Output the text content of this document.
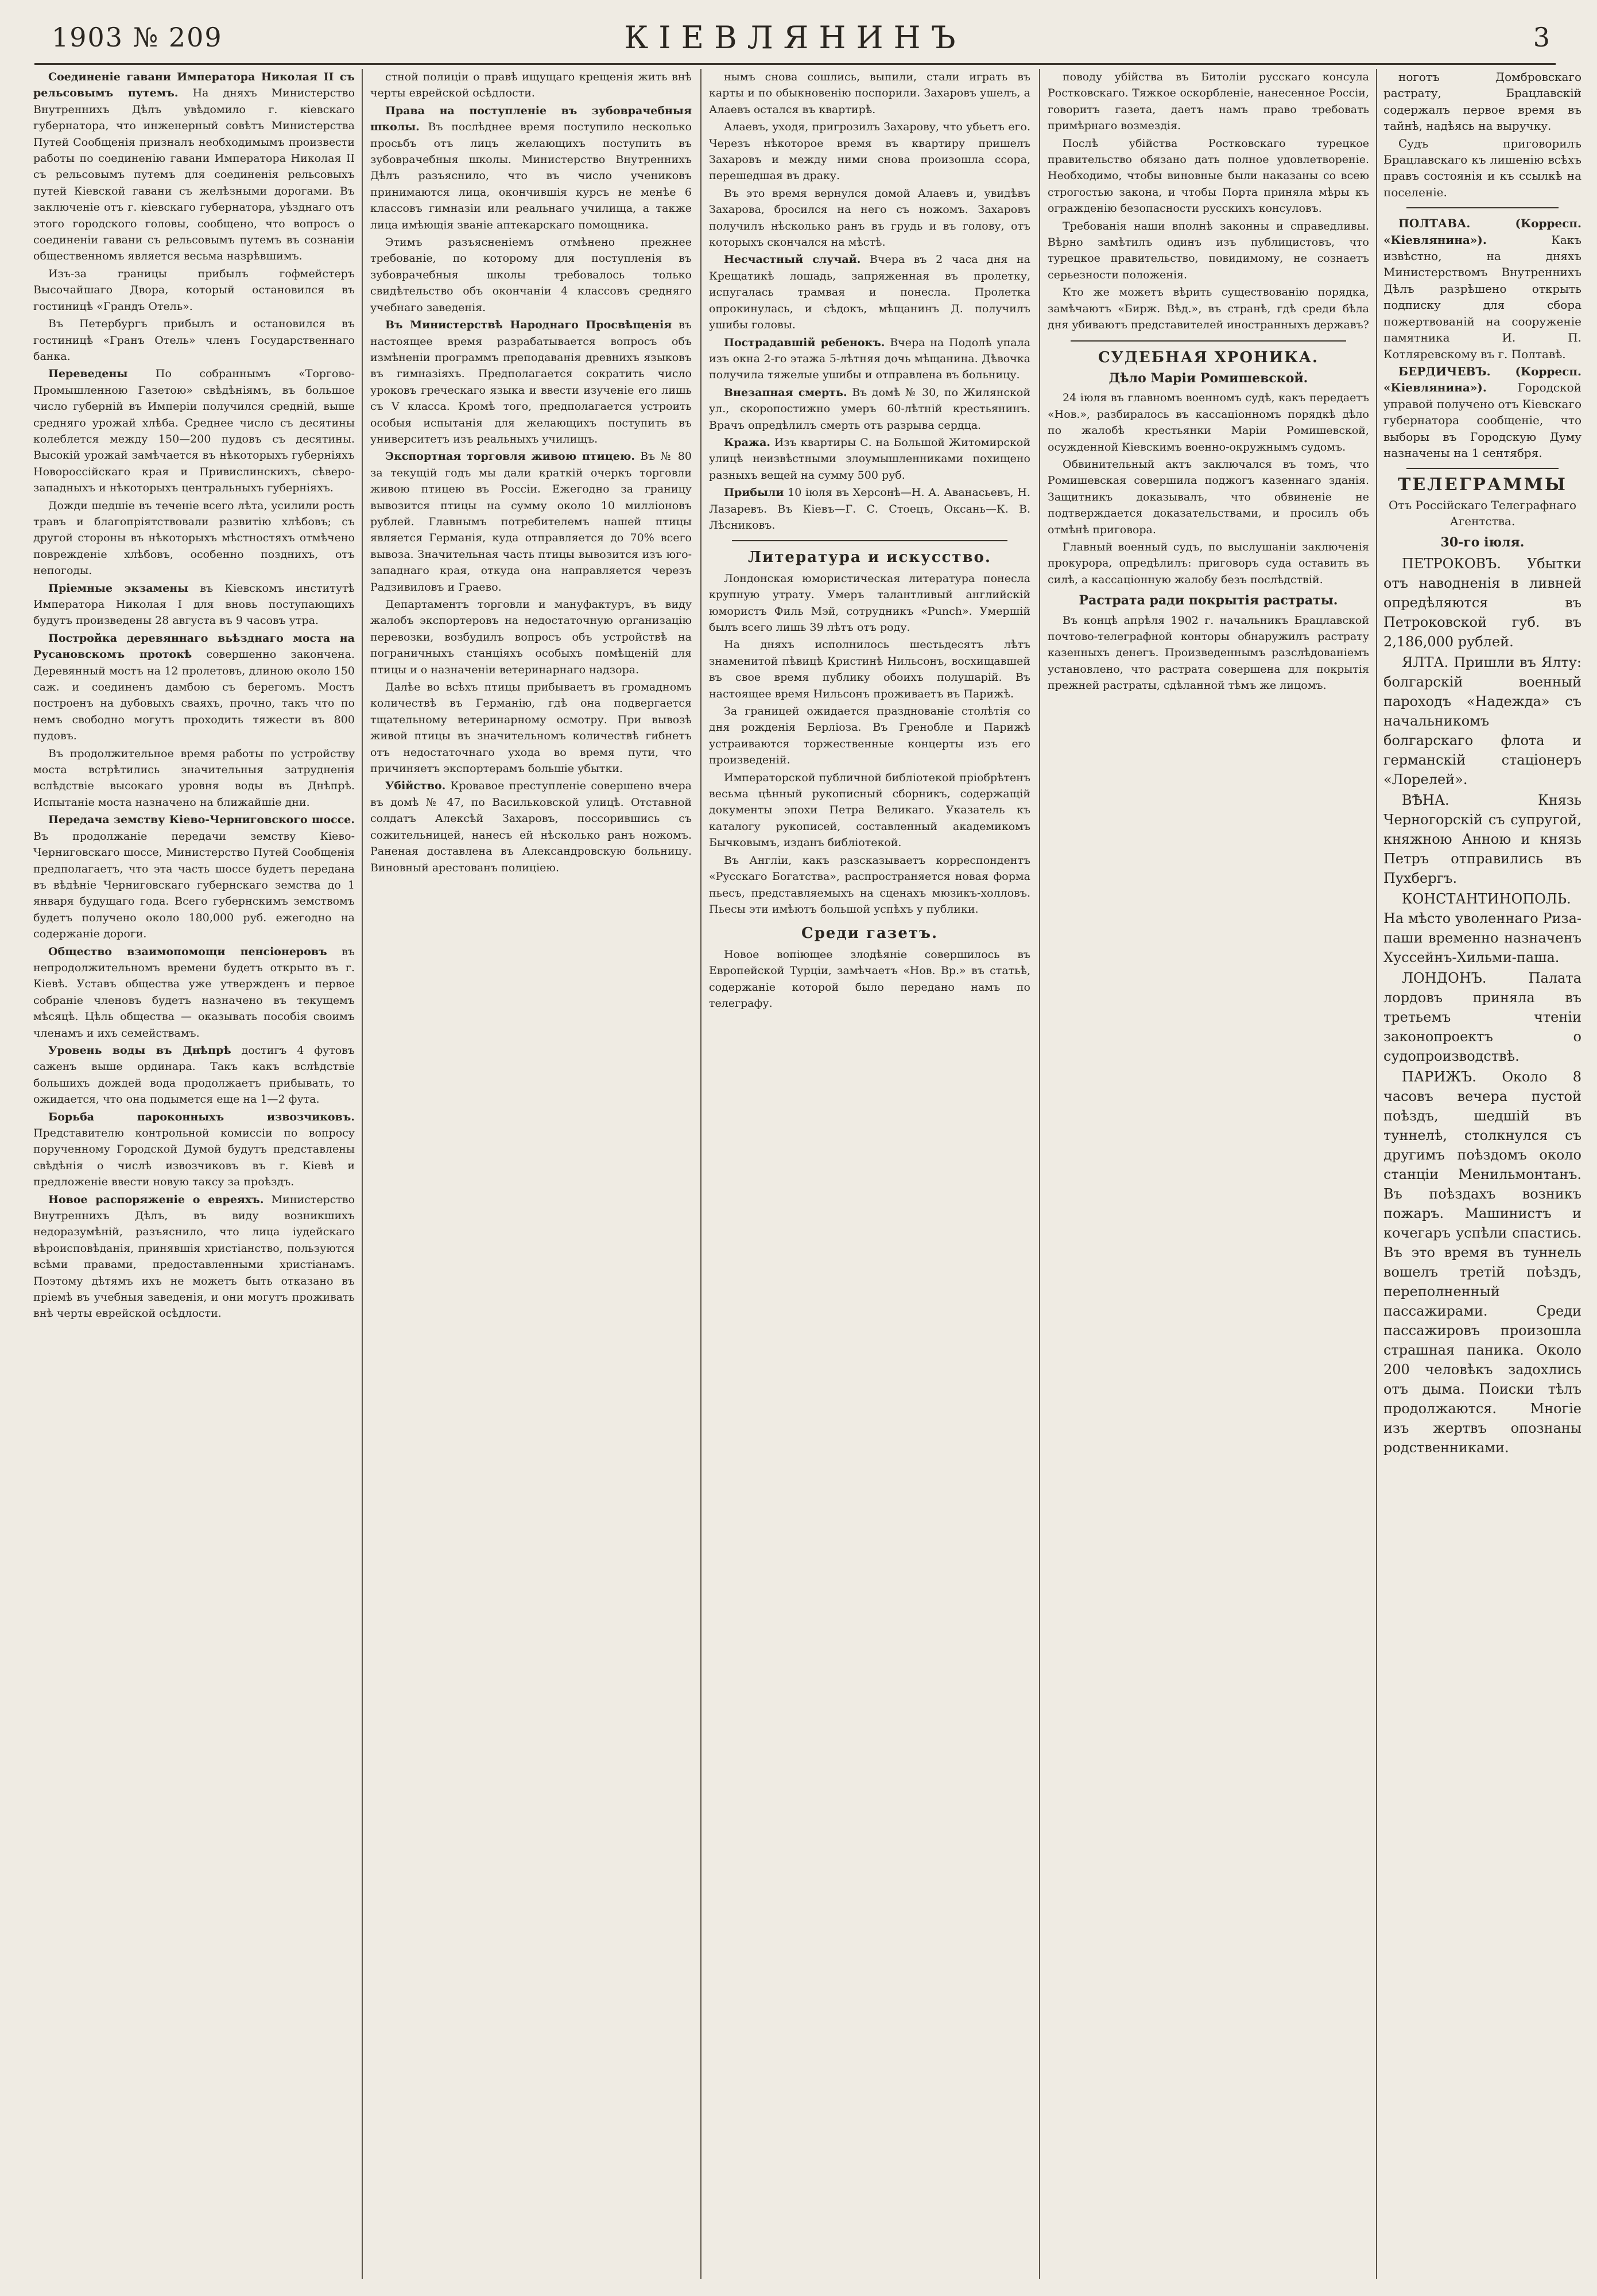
1903 № 209	КІЕВЛЯНИНЪ	3

Соединеніе гавани Императора Николая II съ рельсовымъ путемъ. На дняхъ Министерство Внутреннихъ Дѣлъ увѣдомило г. кіевскаго губернатора, что инженерный совѣтъ Министерства Путей Сообщенія призналъ необходимымъ произвести работы по соединенію гавани Императора Николая II съ рельсовымъ путемъ для соединенія рельсовыхъ путей Кіевской гавани съ желѣзными дорогами. Въ заключеніе отъ г. кіевскаго губернатора, уѣзднаго отъ этого городского головы, сообщено, что вопросъ о соединеніи гавани съ рельсовымъ путемъ въ сознаніи общественномъ является весьма назрѣвшимъ.

Изъ-за границы прибылъ гофмейстеръ Высочайшаго Двора, который остановился въ гостиницѣ «Грандъ Отель».

Въ Петербургъ прибылъ и остановился въ гостиницѣ «Гранъ Отель» членъ Государственнаго банка.

Переведены	По собраннымъ «Торгово-Промышленною Газетою» свѣдѣніямъ, въ большое число губерній въ Имперіи получился средній, выше средняго урожай хлѣба. Среднее число съ десятины колеблется между 150—200 пудовъ съ десятины. Высокій урожай замѣчается въ нѣкоторыхъ губерніяхъ Новороссійскаго края и Привислинскихъ, сѣверо-западныхъ и нѣкоторыхъ центральныхъ губерніяхъ.

Дожди шедшіе въ теченіе всего лѣта, усилили рость травъ и благопріятствовали развитію хлѣбовъ; съ другой стороны въ нѣкоторыхъ мѣстностяхъ отмѣчено поврежденіе хлѣбовъ, особенно позднихъ, отъ непогоды.

Пріемные экзамены въ Кіевскомъ институтѣ Императора Николая I для вновь поступающихъ будутъ произведены 28 августа въ 9 часовъ утра.

Постройка деревяннаго вьѣзднаго моста на Русановскомъ протокѣ совершенно закончена. Деревянный мостъ на 12 пролетовъ, длиною около 150 саж. и соединенъ дамбою съ берегомъ. Мостъ построенъ на дубовыхъ сваяхъ, прочно, такъ что по немъ свободно могутъ проходить тяжести въ 800 пудовъ.

Въ продолжительное время работы по устройству моста встрѣтились значительныя затрудненія вслѣдствіе высокаго уровня воды въ Днѣпрѣ. Испытаніе моста назначено на ближайшіе дни.

Передача земству Кіево-Черниговского шоссе. Въ продолжаніе передачи земству Кіево-Черниговскаго шоссе, Министерство Путей Сообщенія предполагаетъ, что эта часть шоссе будетъ передана въ вѣдѣніе Черниговскаго губернскаго земства до 1 января будущаго года. Всего губернскимъ земствомъ будетъ получено около 180,000 руб. ежегодно на содержаніе дороги.

Общество взаимопомощи пенсіонеровъ въ непродолжительномъ времени будетъ открыто въ г. Кіевѣ. Уставъ общества уже утвержденъ и первое собраніе членовъ будетъ назначено въ текущемъ мѣсяцѣ. Цѣль общества — оказывать пособія своимъ членамъ и ихъ семействамъ.

Уровень воды въ Днѣпрѣ достигъ 4 футовъ саженъ выше ординара. Такъ какъ вслѣдствіе большихъ дождей вода продолжаетъ прибывать, то ожидается, что она подымется еще на 1—2 фута.

Борьба пароконныхъ извозчиковъ. Представителю контрольной комиссіи по вопросу порученному Городской Думой будутъ представлены свѣдѣнія о числѣ извозчиковъ въ г. Кіевѣ и предложеніе ввести новую таксу за проѣздъ.

Новое распоряженіе о евреяхъ. Министерство Внутреннихъ Дѣлъ, въ виду возникшихъ недоразумѣній, разъяснило, что лица іудейскаго вѣроисповѣданія, принявшія христіанство, пользуются всѣми правами, предоставленными христіанамъ. Поэтому дѣтямъ ихъ не можетъ быть отказано въ пріемѣ въ учебныя заведенія, и они могутъ проживать внѣ черты еврейской осѣдлости.

стной полиціи о правѣ ищущаго крещенія жить внѣ черты еврейской осѣдлости.

Права на поступленіе въ зубоврачебныя школы. Въ послѣднее время поступило несколько просьбъ отъ лицъ желающихъ поступить въ зубоврачебныя школы. Министерство Внутреннихъ Дѣлъ разъяснило, что въ число учениковъ принимаются лица, окончившія курсъ не менѣе 6 классовъ гимназіи или реальнаго училища, а также лица имѣющія званіе аптекарскаго помощника.

Этимъ разъясненіемъ отмѣнено прежнее требованіе, по которому для поступленія въ зубоврачебныя школы требовалось только свидѣтельство объ окончаніи 4 классовъ средняго учебнаго заведенія.

Въ Министерствѣ Народнаго Просвѣщенія въ настоящее время разрабатывается вопросъ объ измѣненіи программъ преподаванія древнихъ языковъ въ гимназіяхъ. Предполагается сократить число уроковъ греческаго языка и ввести изученіе его лишь съ V класса. Кромѣ того, предполагается устроить особыя испытанія для желающихъ поступить въ университетъ изъ реальныхъ училищъ.

Экспортная торговля живою птицею. Въ № 80 за текущій годъ мы дали краткій очеркъ торговли живою птицею въ Россіи. Ежегодно за границу вывозится птицы на сумму около 10 милліоновъ рублей. Главнымъ потребителемъ нашей птицы является Германія, куда отправляется до 70% всего вывоза. Значительная часть птицы вывозится изъ юго-западнаго края, откуда она направляется черезъ Радзивиловъ и Граево.

Департаментъ торговли и мануфактуръ, въ виду жалобъ экспортеровъ на недостаточную организацію перевозки, возбудилъ вопросъ объ устройствѣ на пограничныхъ станціяхъ особыхъ помѣщеній для птицы и о назначеніи ветеринарнаго надзора.

Далѣе во всѣхъ птицы прибываетъ въ громадномъ количествѣ въ Германію, гдѣ она подвергается тщательному ветеринарному осмотру. При вывозѣ живой птицы въ значительномъ количествѣ гибнетъ отъ недостаточнаго ухода во время пути, что причиняетъ экспортерамъ большіе убытки.

Убійство. Кровавое преступленіе совершено вчера въ домѣ № 47, по Васильковской улицѣ. Отставной солдатъ Алексѣй Захаровъ, поссорившись съ сожительницей, нанесъ ей нѣсколько ранъ ножомъ. Раненая доставлена въ Александровскую больницу. Виновный арестованъ полиціею.

нымъ снова сошлись, выпили, стали играть въ карты и по обыкновенію поспорили. Захаровъ ушелъ, а Алаевъ остался въ квартирѣ.

Алаевъ, уходя, пригрозилъ Захарову, что убьетъ его. Черезъ нѣкоторое время въ квартиру пришелъ Захаровъ и между ними снова произошла ссора, перешедшая въ драку.

Въ это время вернулся домой Алаевъ и, увидѣвъ Захарова, бросился на него съ ножомъ. Захаровъ получилъ нѣсколько ранъ въ грудь и въ голову, отъ которыхъ скончался на мѣстѣ.

Несчастный случай. Вчера въ 2 часа дня на Крещатикѣ лошадь, запряженная въ пролетку, испугалась трамвая и понесла. Пролетка опрокинулась, и сѣдокъ, мѣщанинъ Д. получилъ ушибы головы.

Пострадавшій ребенокъ. Вчера на Подолѣ упала изъ окна 2-го этажа 5-лѣтняя дочь мѣщанина. Дѣвочка получила тяжелые ушибы и отправлена въ больницу.

Внезапная смерть. Въ домѣ № 30, по Жилянской ул., скоропостижно умеръ 60-лѣтній крестьянинъ. Врачъ опредѣлилъ смерть отъ разрыва сердца.

Кража. Изъ квартиры С. на Большой Житомирской улицѣ неизвѣстными злоумышленниками похищено разныхъ вещей на сумму 500 руб.

Прибыли 10 іюля въ Херсонѣ—Н. А. Аванасьевъ, Н. Лазаревъ. Въ Кіевъ—Г. С. Стоецъ, Оксань—К. В. Лѣсниковъ.

Литература и искусство.

Лондонская юмористическая литература понесла крупную утрату. Умеръ талантливый английскій юмористъ Филь Мэй, сотрудникъ «Punch». Умершій былъ всего лишь 39 лѣтъ отъ роду.

На дняхъ исполнилось шестьдесятъ лѣтъ знаменитой пѣвицѣ Кристинѣ Нильсонъ, восхищавшей въ свое время публику обоихъ полушарій. Въ настоящее время Нильсонъ проживаетъ въ Парижѣ.

За границей ожидается празднованіе столѣтія со дня рожденія Берліоза. Въ Гренобле и Парижѣ устраиваются торжественные концерты изъ его произведеній.

Императорской публичной библіотекой пріобрѣтенъ весьма цѣнный рукописный сборникъ, содержащій документы эпохи Петра Великаго. Указатель къ каталогу рукописей, составленный академикомъ Бычковымъ, изданъ библіотекой.

Въ Англіи, какъ разсказываетъ корреспондентъ «Русскаго Богатства», распространяется новая форма пьесъ, представляемыхъ на сценахъ мюзикъ-холловъ. Пьесы эти имѣютъ большой успѣхъ у публики.

Среди газетъ.

Новое вопіющее злодѣяніе совершилось въ Европейской Турціи, замѣчаетъ «Нов. Вр.» въ статьѣ, содержаніе которой было передано намъ по телеграфу.

поводу убійства въ Битоліи русскаго консула Ростковскаго. Тяжкое оскорбленіе, нанесенное Россіи, говоритъ газета, даетъ намъ право требовать примѣрнаго возмездія.

Послѣ убійства Ростковскаго турецкое правительство обязано дать полное удовлетвореніе. Необходимо, чтобы виновные были наказаны со всею строгостью закона, и чтобы Порта приняла мѣры къ огражденію безопасности русскихъ консуловъ.

Требованія наши вполнѣ законны и справедливы. Вѣрно замѣтилъ одинъ изъ публицистовъ, что турецкое правительство, повидимому, не сознаетъ серьезности положенія.

Кто же можетъ вѣрить существованію порядка, замѣчаютъ «Бирж. Вѣд.», въ странѣ, гдѣ среди бѣла дня убиваютъ представителей иностранныхъ державъ?

СУДЕБНАЯ ХРОНИКА.

Дѣло Маріи Ромишевской.

24 іюля въ главномъ военномъ судѣ, какъ передаетъ «Нов.», разбиралось въ кассаціонномъ порядкѣ дѣло по жалобѣ крестьянки Маріи Ромишевской, осужденной Кіевскимъ военно-окружнымъ судомъ.

Обвинительный актъ заключался въ томъ, что Ромишевская совершила поджогъ казеннаго зданія. Защитникъ доказывалъ, что обвиненіе не подтверждается доказательствами, и просилъ объ отмѣнѣ приговора.

Главный военный судъ, по выслушаніи заключенія прокурора, опредѣлилъ: приговоръ суда оставить въ силѣ, а кассаціонную жалобу безъ послѣдствій.

Растрата ради покрытія растраты.

Въ концѣ апрѣля 1902 г. начальникъ Брацлавской почтово-телеграфной конторы обнаружилъ растрату казенныхъ денегъ. Произведеннымъ разслѣдованіемъ установлено, что растрата совершена для покрытія прежней растраты, сдѣланной тѣмъ же лицомъ.

ноготъ Домбровскаго растрату, Брацлавскій содержалъ первое время въ тайнѣ, надѣясь на выручку.

Судъ приговорилъ Брацлавскаго къ лишенію всѣхъ правъ состоянія и къ ссылкѣ на поселеніе.

ПОЛТАВА. (Корресп. «Кіевлянина»).	Какъ извѣстно, на дняхъ Министерствомъ Внутреннихъ Дѣлъ разрѣшено открыть подписку для сбора пожертвованій на сооруженіе памятника И. П. Котляревскому въ г. Полтавѣ.

БЕРДИЧЕВЪ. (Корресп. «Кіевлянина»).	Городской управой получено отъ Кіевскаго губернатора сообщеніе, что выборы въ Городскую Думу назначены на 1 сентября.

ТЕЛЕГРАММЫ

Отъ Россійскаго Телеграфнаго Агентства.

30-го іюля.

ПЕТРОКОВЪ. Убытки отъ наводненія в ливней опредѣляются въ Петроковской губ. въ 2,186,000 рублей.

ЯЛТА. Пришли въ Ялту: болгарскій военный пароходъ «Надежда» съ начальникомъ болгарскаго флота и германскій стаціонеръ «Лорелей».

ВѢНА.	Князь Черногорскій съ супругой, княжною Анною и князь Петръ отправились въ Пухбергъ.

КОНСТАНТИНОПОЛЬ. На мѣсто уволеннаго Риза-паши временно назначенъ Хуссейнъ-Хильми-паша.

ЛОНДОНЪ.	Палата лордовъ приняла въ третьемъ чтеніи законопроектъ о судопроизводствѣ.

ПАРИЖЪ. Около 8 часовъ вечера пустой поѣздъ, шедшій въ туннелѣ, столкнулся съ другимъ поѣздомъ около станціи Менильмонтанъ. Въ поѣздахъ возникъ пожаръ. Машинистъ и кочегаръ успѣли спастись. Въ это время въ туннель вошелъ третій поѣздъ, переполненный пассажирами. Среди пассажировъ произошла страшная паника. Около 200 человѣкъ задохлись отъ дыма. Поиски тѣлъ продолжаются. Многіе изъ жертвъ опознаны родственниками.
